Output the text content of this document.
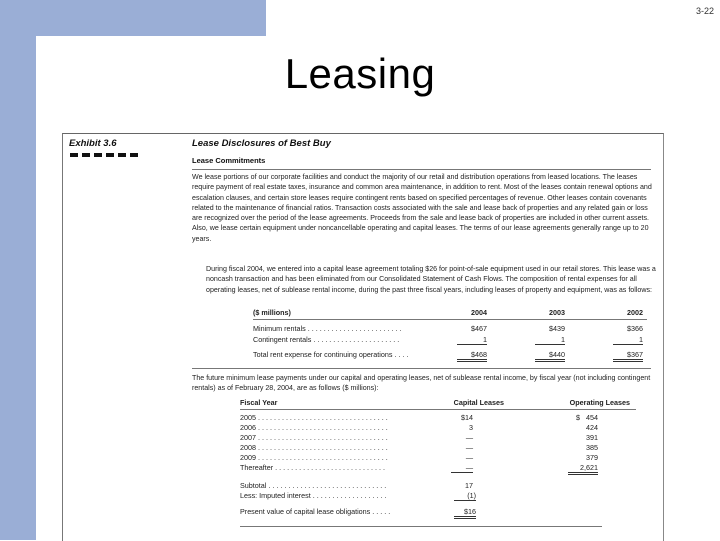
3-22
Leasing
Exhibit 3.6	Lease Disclosures of Best Buy
Lease Commitments

We lease portions of our corporate facilities and conduct the majority of our retail and distribution operations from leased locations. The leases require payment of real estate taxes, insurance and common area maintenance, in addition to rent. Most of the leases contain renewal options and escalation clauses, and certain store leases require contingent rents based on specified percentages of revenue. Other leases contain covenants related to the maintenance of financial ratios. Transaction costs associated with the sale and lease back of properties and any related gain or loss are recognized over the period of the lease agreements. Proceeds from the sale and lease back of properties are included in other current assets. Also, we lease certain equipment under noncancellable operating and capital leases. The terms of our lease agreements generally range up to 20 years.

During fiscal 2004, we entered into a capital lease agreement totaling $26 for point-of-sale equipment used in our retail stores. This lease was a noncash transaction and has been eliminated from our Consolidated Statement of Cash Flows. The composition of rental expenses for all operating leases, net of sublease rental income, during the past three fiscal years, including leases of property and equipment, was as follows:

($ millions)	2004	2003	2002
Minimum rentals . . . . . . . . . . . . . . . . . . . . . . . .	$467	$439	$366
Contingent rentals . . . . . . . . . . . . . . . . . . . . . .	1	1	1
Total rent expense for continuing operations . . . .	$468	$440	$367

The future minimum lease payments under our capital and operating leases, net of sublease rental income, by fiscal year (not including contingent rentals) as of February 28, 2004, are as follows ($ millions):

Fiscal Year	Capital Leases	Operating Leases
2005 . . . . . . . . . . . . . . . . . . . . . . . . . . . . . . . . .	$14	$   454
2006 . . . . . . . . . . . . . . . . . . . . . . . . . . . . . . . . .	3	424
2007 . . . . . . . . . . . . . . . . . . . . . . . . . . . . . . . . .	—	391
2008 . . . . . . . . . . . . . . . . . . . . . . . . . . . . . . . . .	—	385
2009 . . . . . . . . . . . . . . . . . . . . . . . . . . . . . . . . .	—	379
Thereafter . . . . . . . . . . . . . . . . . . . . . . . . . . . .	—	2,621
Subtotal . . . . . . . . . . . . . . . . . . . . . . . . . . . . . .	17
Less: Imputed interest . . . . . . . . . . . . . . . . . . .	(1)
Present value of capital lease obligations . . . . .	$16
